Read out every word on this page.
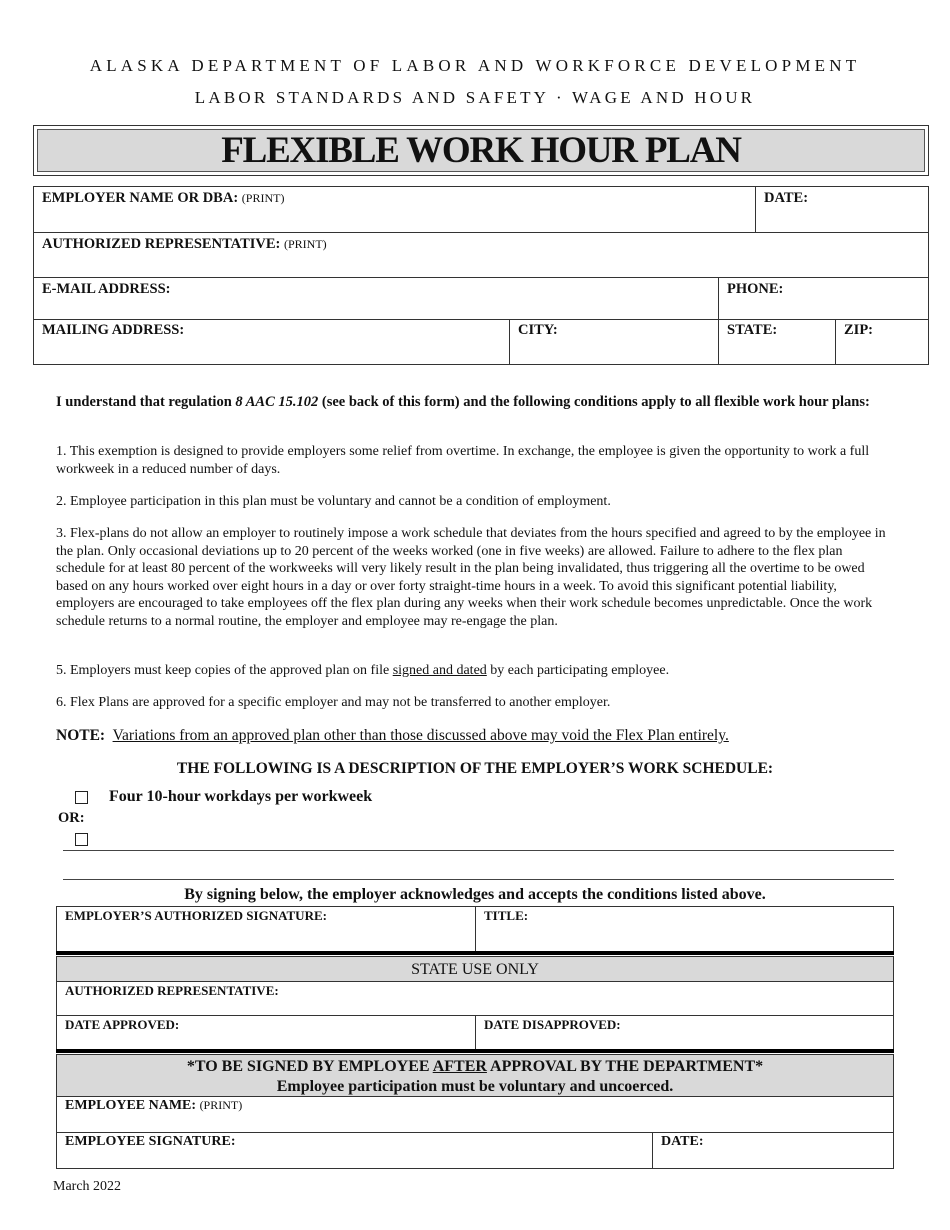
ALASKA DEPARTMENT OF LABOR AND WORKFORCE DEVELOPMENT
LABOR STANDARDS AND SAFETY · WAGE AND HOUR
FLEXIBLE WORK HOUR PLAN
EMPLOYER NAME OR DBA: (PRINT)	DATE:
AUTHORIZED REPRESENTATIVE: (PRINT)
E-MAIL ADDRESS:	PHONE:
MAILING ADDRESS:	CITY:	STATE:	ZIP:
I understand that regulation 8 AAC 15.102 (see back of this form) and the following conditions apply to all flexible work hour plans:
1. This exemption is designed to provide employers some relief from overtime. In exchange, the employee is given the opportunity to work a full workweek in a reduced number of days.
2. Employee participation in this plan must be voluntary and cannot be a condition of employment.
3. Flex-plans do not allow an employer to routinely impose a work schedule that deviates from the hours specified and agreed to by the employee in the plan. Only occasional deviations up to 20 percent of the weeks worked (one in five weeks) are allowed. Failure to adhere to the flex plan schedule for at least 80 percent of the workweeks will very likely result in the plan being invalidated, thus triggering all the overtime to be owed based on any hours worked over eight hours in a day or over forty straight-time hours in a week. To avoid this significant potential liability, employers are encouraged to take employees off the flex plan during any weeks when their work schedule becomes unpredictable. Once the work schedule returns to a normal routine, the employer and employee may re-engage the plan.
5. Employers must keep copies of the approved plan on file signed and dated by each participating employee.
6. Flex Plans are approved for a specific employer and may not be transferred to another employer.
NOTE: Variations from an approved plan other than those discussed above may void the Flex Plan entirely.
THE FOLLOWING IS A DESCRIPTION OF THE EMPLOYER’S WORK SCHEDULE:
Four 10-hour workdays per workweek
OR:
By signing below, the employer acknowledges and accepts the conditions listed above.
EMPLOYER’S AUTHORIZED SIGNATURE:	TITLE:
STATE USE ONLY
AUTHORIZED REPRESENTATIVE:
DATE APPROVED:	DATE DISAPPROVED:
*TO BE SIGNED BY EMPLOYEE AFTER APPROVAL BY THE DEPARTMENT*
Employee participation must be voluntary and uncoerced.
EMPLOYEE NAME: (PRINT)
EMPLOYEE SIGNATURE:	DATE:
March 2022
